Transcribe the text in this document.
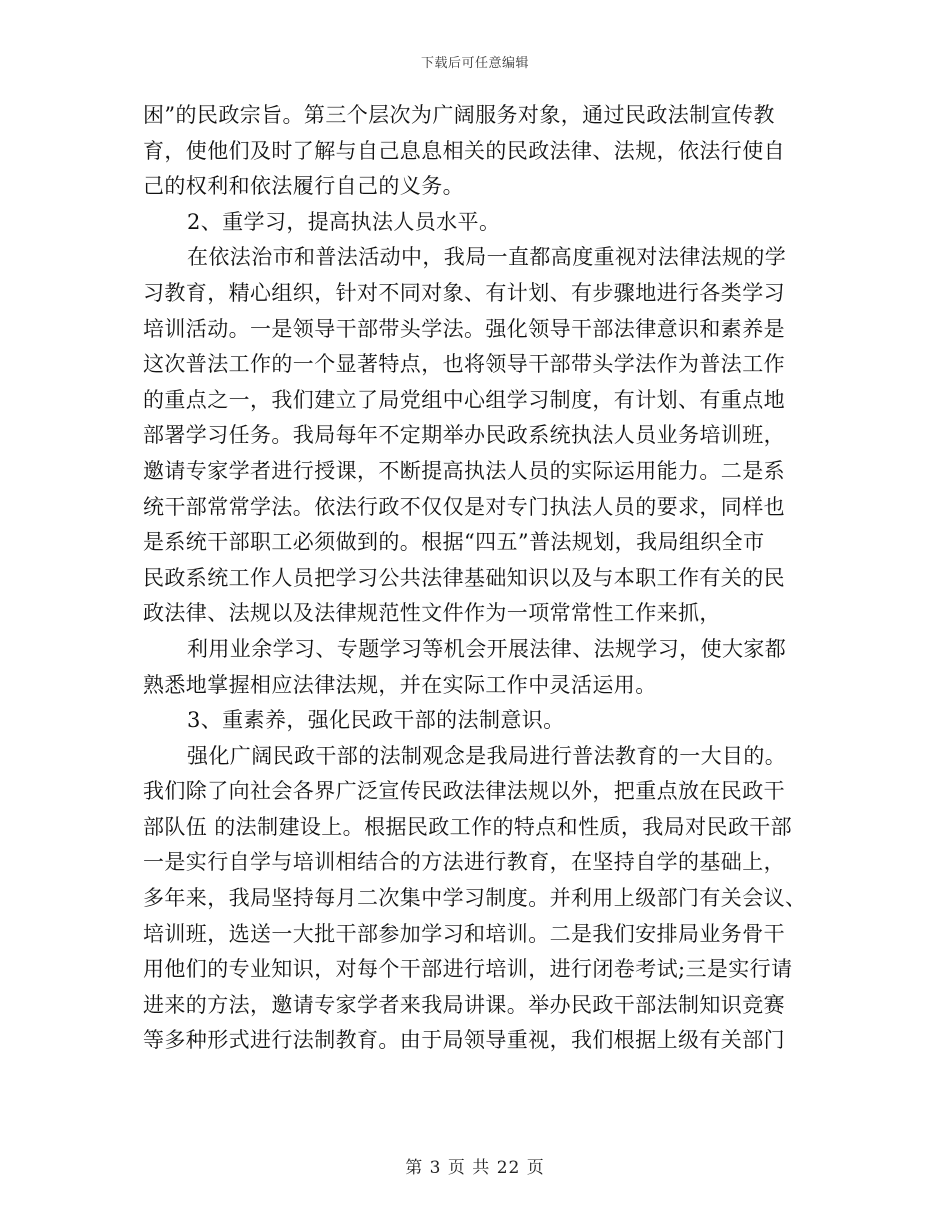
下载后可任意编辑
困”的民政宗旨。第三个层次为广阔服务对象，通过民政法制宣传教
育，使他们及时了解与自己息息相关的民政法律、法规，依法行使自
己的权利和依法履行自己的义务。
2、重学习，提高执法人员水平。
在依法治市和普法活动中，我局一直都高度重视对法律法规的学
习教育，精心组织，针对不同对象、有计划、有步骤地进行各类学习
培训活动。一是领导干部带头学法。强化领导干部法律意识和素养是
这次普法工作的一个显著特点，也将领导干部带头学法作为普法工作
的重点之一，我们建立了局党组中心组学习制度，有计划、有重点地
部署学习任务。我局每年不定期举办民政系统执法人员业务培训班，
邀请专家学者进行授课，不断提高执法人员的实际运用能力。二是系
统干部常常学法。依法行政不仅仅是对专门执法人员的要求，同样也
是系统干部职工必须做到的。根据“四五”普法规划，我局组织全市
民政系统工作人员把学习公共法律基础知识以及与本职工作有关的民
政法律、法规以及法律规范性文件作为一项常常性工作来抓，
利用业余学习、专题学习等机会开展法律、法规学习，使大家都
熟悉地掌握相应法律法规，并在实际工作中灵活运用。
3、重素养，强化民政干部的法制意识。
强化广阔民政干部的法制观念是我局进行普法教育的一大目的。
我们除了向社会各界广泛宣传民政法律法规以外，把重点放在民政干
部队伍 的法制建设上。根据民政工作的特点和性质，我局对民政干部
一是实行自学与培训相结合的方法进行教育，在坚持自学的基础上，
多年来，我局坚持每月二次集中学习制度。并利用上级部门有关会议、
培训班，选送一大批干部参加学习和培训。二是我们安排局业务骨干
用他们的专业知识，对每个干部进行培训，进行闭卷考试;三是实行请
进来的方法，邀请专家学者来我局讲课。举办民政干部法制知识竞赛
等多种形式进行法制教育。由于局领导重视，我们根据上级有关部门
第 3 页 共 22 页
